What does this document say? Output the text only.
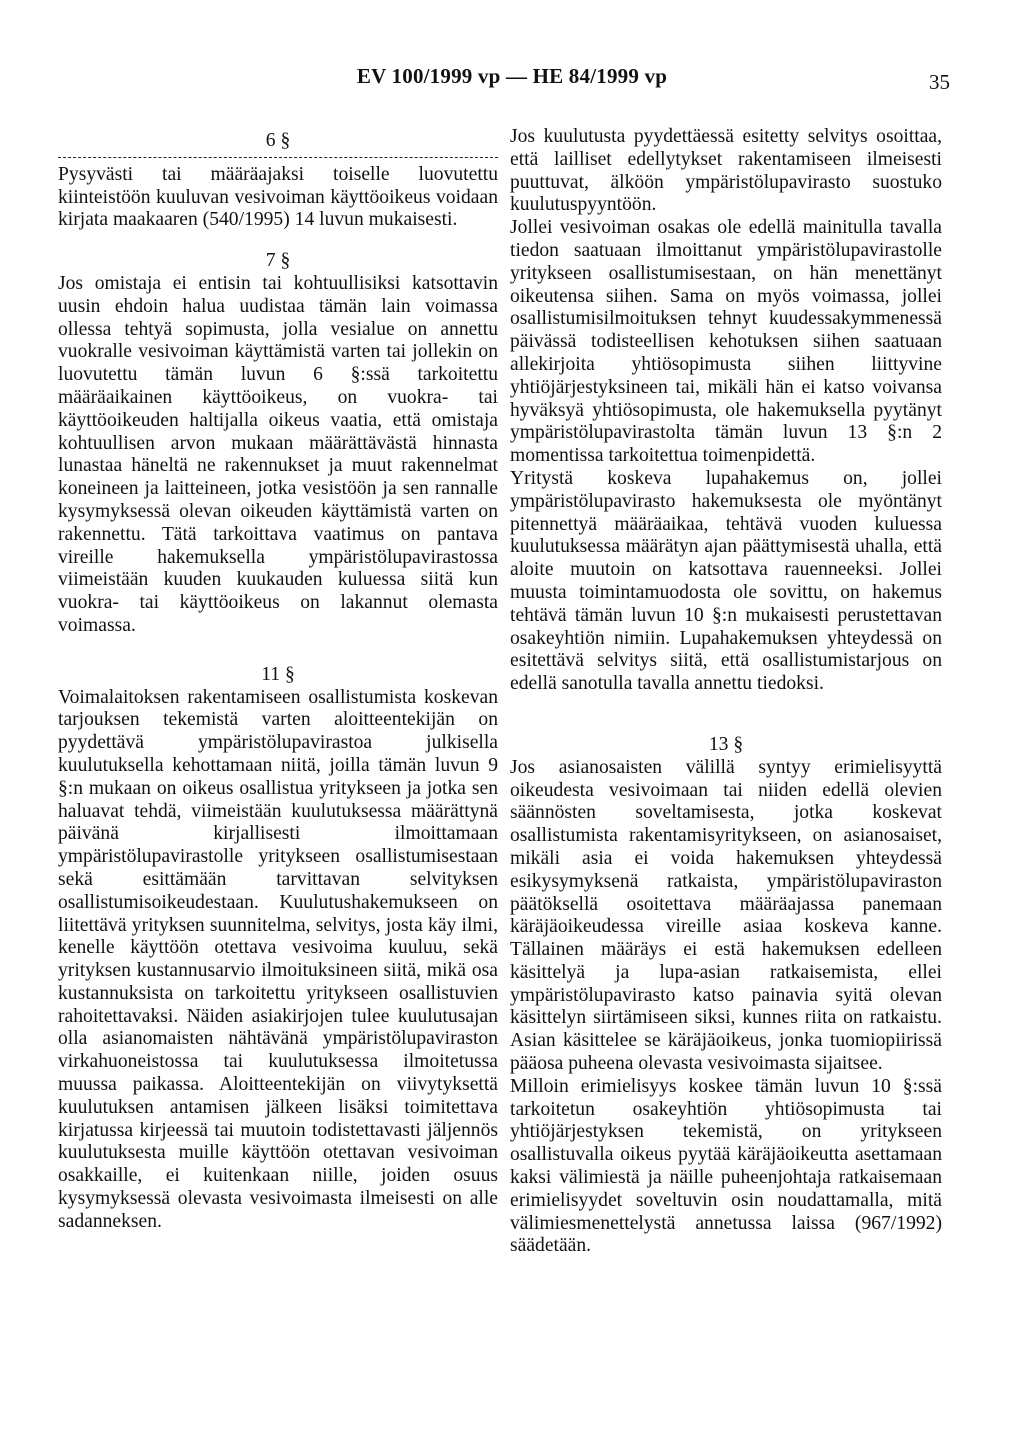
EV 100/1999 vp — HE 84/1999 vp	35
6 §

Pysyvästi tai määräajaksi toiselle luovutettu kiinteistöön kuuluvan vesivoiman käyttöoikeus voidaan kirjata maakaaren (540/1995) 14 luvun mukaisesti.

7 §

Jos omistaja ei entisin tai kohtuullisiksi katsottavin uusin ehdoin halua uudistaa tämän lain voimassa ollessa tehtyä sopimusta, jolla vesialue on annettu vuokralle vesivoiman käyttämistä varten tai jollekin on luovutettu tämän luvun 6 §:ssä tarkoitettu määräaikainen käyttöoikeus, on vuokra- tai käyttöoikeuden haltijalla oikeus vaatia, että omistaja kohtuullisen arvon mukaan määrättävästä hinnasta lunastaa häneltä ne rakennukset ja muut rakennelmat koneineen ja laitteineen, jotka vesistöön ja sen rannalle kysymyksessä olevan oikeuden käyttämistä varten on rakennettu. Tätä tarkoittava vaatimus on pantava vireille hakemuksella ympäristölupavirastossa viimeistään kuuden kuukauden kuluessa siitä kun vuokra- tai käyttöoikeus on lakannut olemasta voimassa.

11 §

Voimalaitoksen rakentamiseen osallistumista koskevan tarjouksen tekemistä varten aloitteentekijän on pyydettävä ympäristölupavirastoa julkisella kuulutuksella kehottamaan niitä, joilla tämän luvun 9 §:n mukaan on oikeus osallistua yritykseen ja jotka sen haluavat tehdä, viimeistään kuulutuksessa määrättynä päivänä kirjallisesti ilmoittamaan ympäristölupavirastolle yritykseen osallistumisestaan sekä esittämään tarvittavan selvityksen osallistumisoikeudestaan. Kuulutushakemukseen on liitettävä yrityksen suunnitelma, selvitys, josta käy ilmi, kenelle käyttöön otettava vesivoima kuuluu, sekä yrityksen kustannusarvio ilmoituksineen siitä, mikä osa kustannuksista on tarkoitettu yritykseen osallistuvien rahoitettavaksi. Näiden asiakirjojen tulee kuulutusajan olla asianomaisten nähtävänä ympäristölupaviraston virkahuoneistossa tai kuulutuksessa ilmoitetussa muussa paikassa. Aloitteentekijän on viivytyksettä kuulutuksen antamisen jälkeen lisäksi toimitettava kirjatussa kirjeessä tai muutoin todistettavasti jäljennös kuulutuksesta muille käyttöön otettavan vesivoiman osakkaille, ei kuitenkaan niille, joiden osuus kysymyksessä olevasta vesivoimasta ilmeisesti on alle sadanneksen.

Jos kuulutusta pyydettäessä esitetty selvitys osoittaa, että lailliset edellytykset rakentamiseen ilmeisesti puuttuvat, älköön ympäristölupavirasto suostuko kuulutuspyyntöön.

Jollei vesivoiman osakas ole edellä mainitulla tavalla tiedon saatuaan ilmoittanut ympäristölupavirastolle yritykseen osallistumisestaan, on hän menettänyt oikeutensa siihen. Sama on myös voimassa, jollei osallistumisilmoituksen tehnyt kuudessakymmenessä päivässä todisteellisen kehotuksen siihen saatuaan allekirjoita yhtiösopimusta siihen liittyvine yhtiöjärjestyksineen tai, mikäli hän ei katso voivansa hyväksyä yhtiösopimusta, ole hakemuksella pyytänyt ympäristölupavirastolta tämän luvun 13 §:n 2 momentissa tarkoitettua toimenpidettä.

Yritystä koskeva lupahakemus on, jollei ympäristölupavirasto hakemuksesta ole myöntänyt pitennettyä määräaikaa, tehtävä vuoden kuluessa kuulutuksessa määrätyn ajan päättymisestä uhalla, että aloite muutoin on katsottava rauenneeksi. Jollei muusta toimintamuodosta ole sovittu, on hakemus tehtävä tämän luvun 10 §:n mukaisesti perustettavan osakeyhtiön nimiin. Lupahakemuksen yhteydessä on esitettävä selvitys siitä, että osallistumistarjous on edellä sanotulla tavalla annettu tiedoksi.

13 §

Jos asianosaisten välillä syntyy erimielisyyttä oikeudesta vesivoimaan tai niiden edellä olevien säännösten soveltamisesta, jotka koskevat osallistumista rakentamisyritykseen, on asianosaiset, mikäli asia ei voida hakemuksen yhteydessä esikysymyksenä ratkaista, ympäristölupaviraston päätöksellä osoitettava määräajassa panemaan käräjäoikeudessa vireille asiaa koskeva kanne. Tällainen määräys ei estä hakemuksen edelleen käsittelyä ja lupa-asian ratkaisemista, ellei ympäristölupavirasto katso painavia syitä olevan käsittelyn siirtämiseen siksi, kunnes riita on ratkaistu. Asian käsittelee se käräjäoikeus, jonka tuomiopiirissä pääosa puheena olevasta vesivoimasta sijaitsee.

Milloin erimielisyys koskee tämän luvun 10 §:ssä tarkoitetun osakeyhtiön yhtiösopimusta tai yhtiöjärjestyksen tekemistä, on yritykseen osallistuvalla oikeus pyytää käräjäoikeutta asettamaan kaksi välimiestä ja näille puheenjohtaja ratkaisemaan erimielisyydet soveltuvin osin noudattamalla, mitä välimiesmenettelystä annetussa laissa (967/1992) säädetään.
